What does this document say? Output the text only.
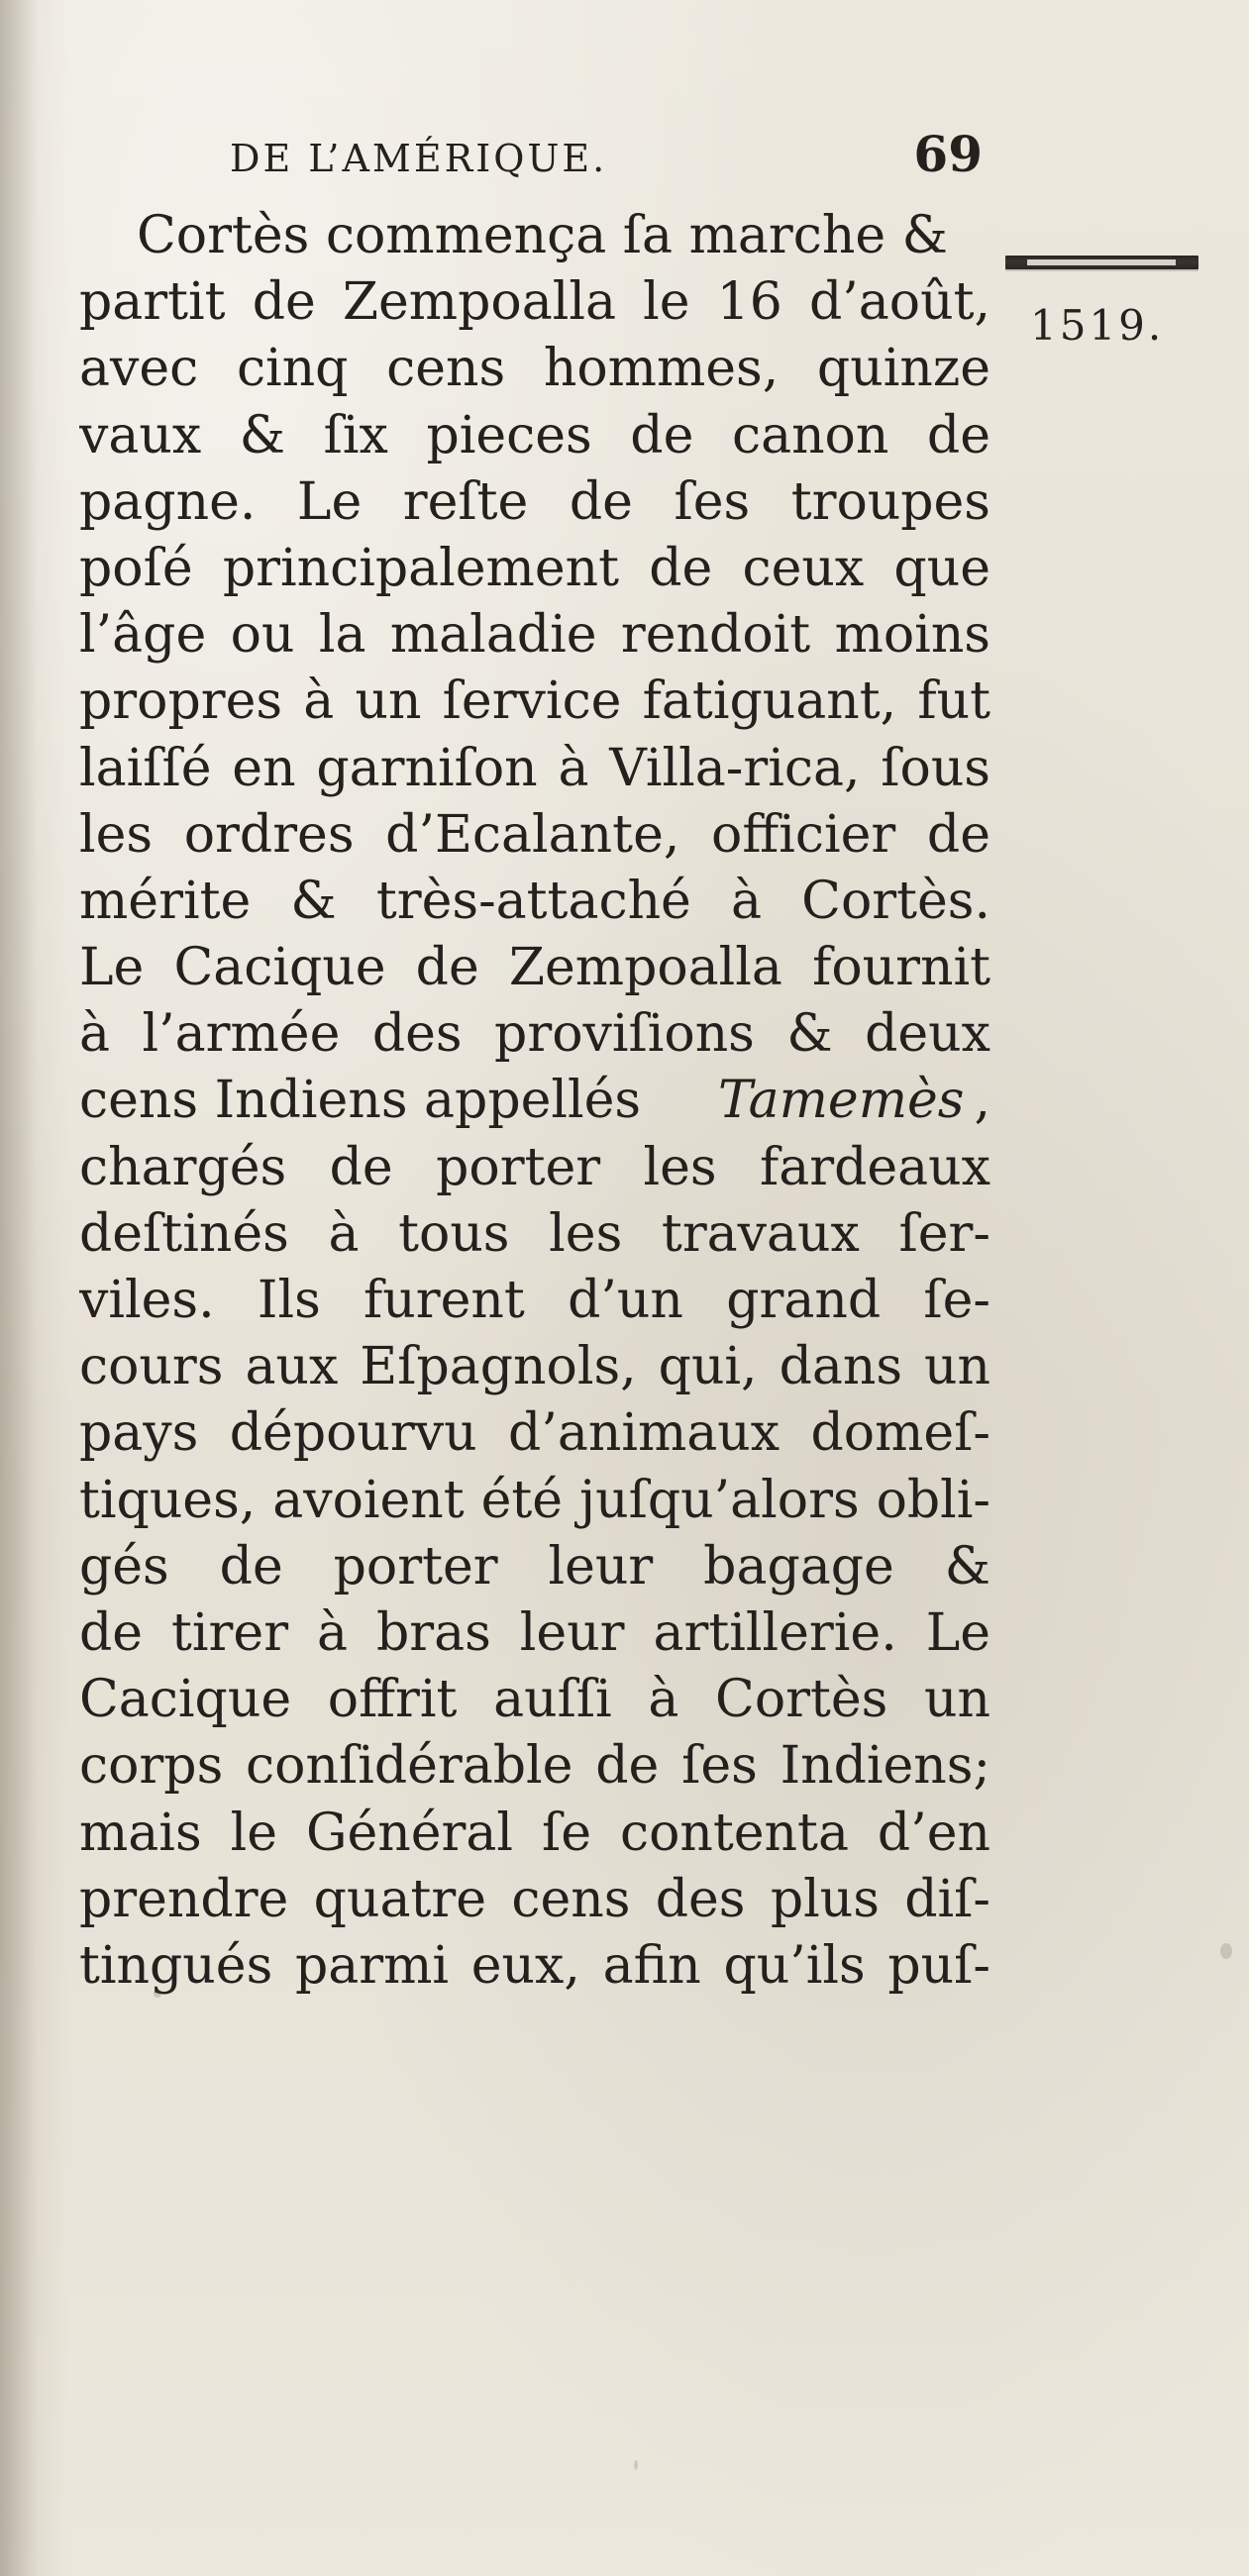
DE L’AMÉRIQUE.	69
1519.
Cortès commença ſa marche &
partit de Zempoalla le 16 d’août,
avec cinq cens hommes, quinze
vaux & ſix pieces de canon de
pagne. Le reſte de ſes troupes
poſé principalement de ceux que
l’âge ou la maladie rendoit moins
propres à un ſervice fatiguant, fut
laiſſé en garniſon à Villa-rica, ſous
les ordres d’Ecalante, officier de
mérite & très-attaché à Cortès.
Le Cacique de Zempoalla fournit
à l’armée des proviſions & deux
cens Indiens appellés Tamemès ,
chargés de porter les fardeaux
deſtinés à tous les travaux ſer-
viles. Ils furent d’un grand ſe-
cours aux Eſpagnols, qui, dans un
pays dépourvu d’animaux domeſ-
tiques, avoient été juſqu’alors obli-
gés de porter leur bagage &
de tirer à bras leur artillerie. Le
Cacique offrit auſſi à Cortès un
corps conſidérable de ſes Indiens;
mais le Général ſe contenta d’en
prendre quatre cens des plus diſ-
tingués parmi eux, afin qu’ils puſ-
